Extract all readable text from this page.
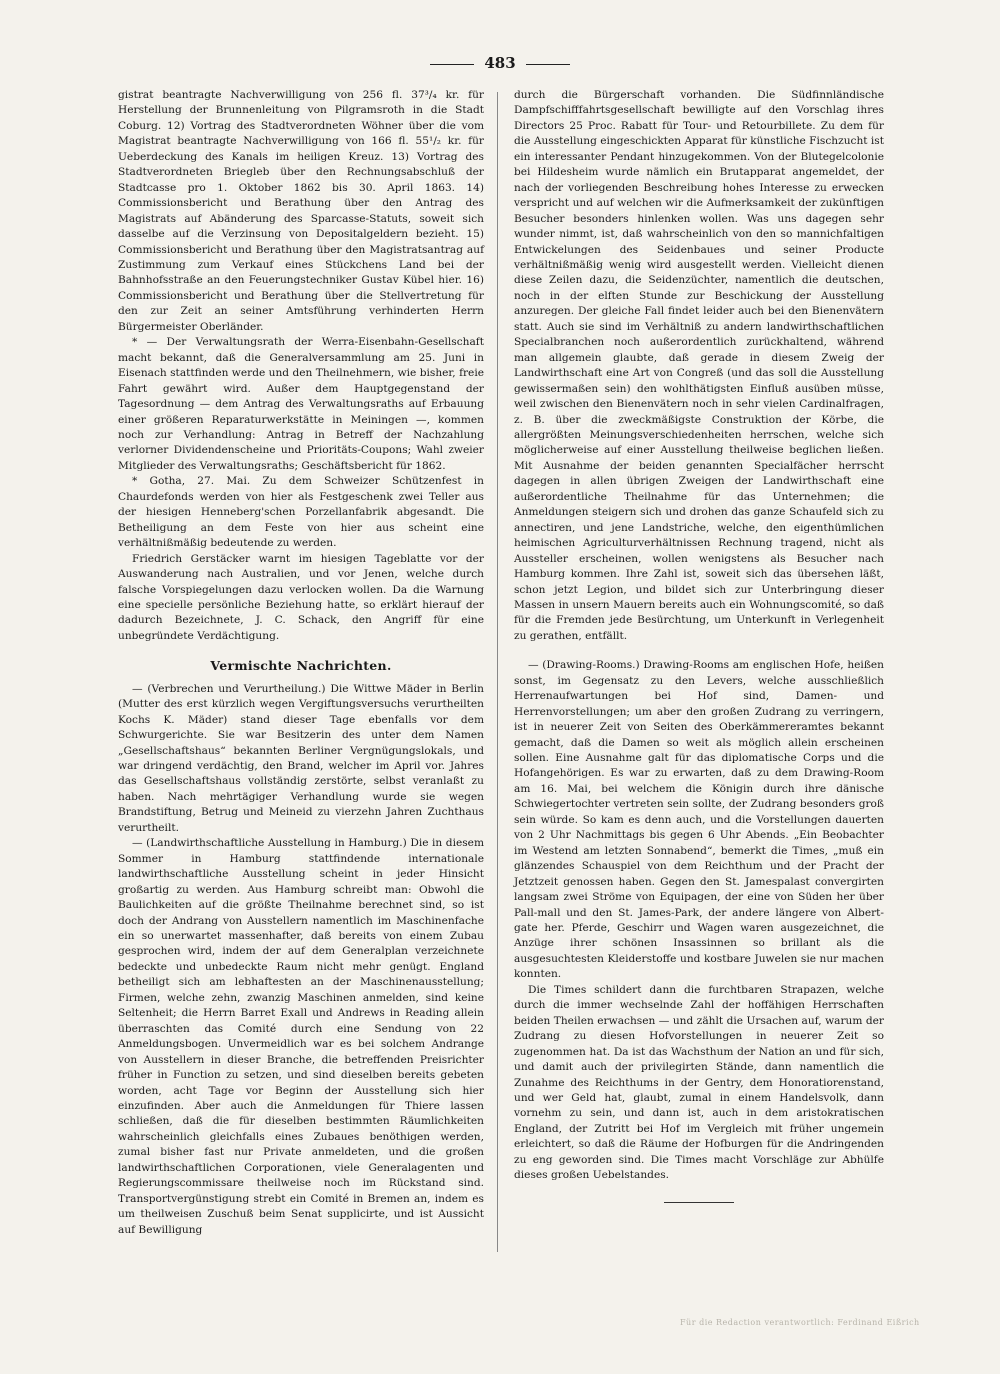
483

gistrat beantragte Nachverwilligung von 256 fl. 37³/₄ kr. für Herstellung der Brunnenleitung von Pilgramsroth in die Stadt Coburg. 12) Vortrag des Stadtverordneten Wöhner über die vom Magistrat beantragte Nachverwilligung von 166 fl. 55¹/₂ kr. für Ueberdeckung des Kanals im heiligen Kreuz. 13) Vortrag des Stadtverordneten Briegleb über den Rechnungsabschluß der Stadtcasse pro 1. Oktober 1862 bis 30. April 1863. 14) Commissionsbericht und Berathung über den Antrag des Magistrats auf Abänderung des Sparcasse-Statuts, soweit sich dasselbe auf die Verzinsung von Depositalgeldern bezieht. 15) Commissionsbericht und Berathung über den Magistratsantrag auf Zustimmung zum Verkauf eines Stückchens Land bei der Bahnhofsstraße an den Feuerungstechniker Gustav Kübel hier. 16) Commissionsbericht und Berathung über die Stellvertretung für den zur Zeit an seiner Amtsführung verhinderten Herrn Bürgermeister Oberländer.

* — Der Verwaltungsrath der Werra-Eisenbahn-Gesellschaft macht bekannt, daß die Generalversammlung am 25. Juni in Eisenach stattfinden werde und den Theilnehmern, wie bisher, freie Fahrt gewährt wird. Außer dem Hauptgegenstand der Tagesordnung — dem Antrag des Verwaltungsraths auf Erbauung einer größeren Reparaturwerkstätte in Meiningen —, kommen noch zur Verhandlung: Antrag in Betreff der Nachzahlung verlorner Dividendenscheine und Prioritäts-Coupons; Wahl zweier Mitglieder des Verwaltungsraths; Geschäftsbericht für 1862.

* Gotha, 27. Mai. Zu dem Schweizer Schützenfest in Chaurdefonds werden von hier als Festgeschenk zwei Teller aus der hiesigen Henneberg'schen Porzellanfabrik abgesandt. Die Betheiligung an dem Feste von hier aus scheint eine verhältnißmäßig bedeutende zu werden.

Friedrich Gerstäcker warnt im hiesigen Tageblatte vor der Auswanderung nach Australien, und vor Jenen, welche durch falsche Vorspiegelungen dazu verlocken wollen. Da die Warnung eine specielle persönliche Beziehung hatte, so erklärt hierauf der dadurch Bezeichnete, J. C. Schack, den Angriff für eine unbegründete Verdächtigung.

Vermischte Nachrichten.

— (Verbrechen und Verurtheilung.) Die Wittwe Mäder in Berlin (Mutter des erst kürzlich wegen Vergiftungsversuchs verurtheilten Kochs K. Mäder) stand dieser Tage ebenfalls vor dem Schwurgerichte. Sie war Besitzerin des unter dem Namen „Gesellschaftshaus“ bekannten Berliner Vergnügungslokals, und war dringend verdächtig, den Brand, welcher im April vor. Jahres das Gesellschaftshaus vollständig zerstörte, selbst veranlaßt zu haben. Nach mehrtägiger Verhandlung wurde sie wegen Brandstiftung, Betrug und Meineid zu vierzehn Jahren Zuchthaus verurtheilt.

— (Landwirthschaftliche Ausstellung in Hamburg.) Die in diesem Sommer in Hamburg stattfindende internationale landwirthschaftliche Ausstellung scheint in jeder Hinsicht großartig zu werden. Aus Hamburg schreibt man: Obwohl die Baulichkeiten auf die größte Theilnahme berechnet sind, so ist doch der Andrang von Ausstellern namentlich im Maschinenfache ein so unerwartet massenhafter, daß bereits von einem Zubau gesprochen wird, indem der auf dem Generalplan verzeichnete bedeckte und unbedeckte Raum nicht mehr genügt. England betheiligt sich am lebhaftesten an der Maschinenausstellung; Firmen, welche zehn, zwanzig Maschinen anmelden, sind keine Seltenheit; die Herrn Barret Exall und Andrews in Reading allein überraschten das Comité durch eine Sendung von 22 Anmeldungsbogen. Unvermeidlich war es bei solchem Andrange von Ausstellern in dieser Branche, die betreffenden Preisrichter früher in Function zu setzen, und sind dieselben bereits gebeten worden, acht Tage vor Beginn der Ausstellung sich hier einzufinden. Aber auch die Anmeldungen für Thiere lassen schließen, daß die für dieselben bestimmten Räumlichkeiten wahrscheinlich gleichfalls eines Zubaues benöthigen werden, zumal bisher fast nur Private anmeldeten, und die großen landwirthschaftlichen Corporationen, viele Generalagenten und Regierungscommissare theilweise noch im Rückstand sind. Transportvergünstigung strebt ein Comité in Bremen an, indem es um theilweisen Zuschuß beim Senat supplicirte, und ist Aussicht auf Bewilligung

durch die Bürgerschaft vorhanden. Die Südfinnländische Dampfschifffahrtsgesellschaft bewilligte auf den Vorschlag ihres Directors 25 Proc. Rabatt für Tour- und Retourbillete. Zu dem für die Ausstellung eingeschickten Apparat für künstliche Fischzucht ist ein interessanter Pendant hinzugekommen. Von der Blutegelcolonie bei Hildesheim wurde nämlich ein Brutapparat angemeldet, der nach der vorliegenden Beschreibung hohes Interesse zu erwecken verspricht und auf welchen wir die Aufmerksamkeit der zukünftigen Besucher besonders hinlenken wollen. Was uns dagegen sehr wunder nimmt, ist, daß wahrscheinlich von den so mannichfaltigen Entwickelungen des Seidenbaues und seiner Producte verhältnißmäßig wenig wird ausgestellt werden. Vielleicht dienen diese Zeilen dazu, die Seidenzüchter, namentlich die deutschen, noch in der elften Stunde zur Beschickung der Ausstellung anzuregen. Der gleiche Fall findet leider auch bei den Bienenvätern statt. Auch sie sind im Verhältniß zu andern landwirthschaftlichen Specialbranchen noch außerordentlich zurückhaltend, während man allgemein glaubte, daß gerade in diesem Zweig der Landwirthschaft eine Art von Congreß (und das soll die Ausstellung gewissermaßen sein) den wohlthätigsten Einfluß ausüben müsse, weil zwischen den Bienenvätern noch in sehr vielen Cardinalfragen, z. B. über die zweckmäßigste Construktion der Körbe, die allergrößten Meinungsverschiedenheiten herrschen, welche sich möglicherweise auf einer Ausstellung theilweise beglichen ließen. Mit Ausnahme der beiden genannten Specialfächer herrscht dagegen in allen übrigen Zweigen der Landwirthschaft eine außerordentliche Theilnahme für das Unternehmen; die Anmeldungen steigern sich und drohen das ganze Schaufeld sich zu annectiren, und jene Landstriche, welche, den eigenthümlichen heimischen Agriculturverhältnissen Rechnung tragend, nicht als Aussteller erscheinen, wollen wenigstens als Besucher nach Hamburg kommen. Ihre Zahl ist, soweit sich das übersehen läßt, schon jetzt Legion, und bildet sich zur Unterbringung dieser Massen in unsern Mauern bereits auch ein Wohnungscomité, so daß für die Fremden jede Besürchtung, um Unterkunft in Verlegenheit zu gerathen, entfällt.

— (Drawing-Rooms.) Drawing-Rooms am englischen Hofe, heißen sonst, im Gegensatz zu den Levers, welche ausschließlich Herrenaufwartungen bei Hof sind, Damen- und Herrenvorstellungen; um aber den großen Zudrang zu verringern, ist in neuerer Zeit von Seiten des Oberkämmereramtes bekannt gemacht, daß die Damen so weit als möglich allein erscheinen sollen. Eine Ausnahme galt für das diplomatische Corps und die Hofangehörigen. Es war zu erwarten, daß zu dem Drawing-Room am 16. Mai, bei welchem die Königin durch ihre dänische Schwiegertochter vertreten sein sollte, der Zudrang besonders groß sein würde. So kam es denn auch, und die Vorstellungen dauerten von 2 Uhr Nachmittags bis gegen 6 Uhr Abends. „Ein Beobachter im Westend am letzten Sonnabend“, bemerkt die Times, „muß ein glänzendes Schauspiel von dem Reichthum und der Pracht der Jetztzeit genossen haben. Gegen den St. Jamespalast convergirten langsam zwei Ströme von Equipagen, der eine von Süden her über Pall-mall und den St. James-Park, der andere längere von Albert-gate her. Pferde, Geschirr und Wagen waren ausgezeichnet, die Anzüge ihrer schönen Insassinnen so brillant als die ausgesuchtesten Kleiderstoffe und kostbare Juwelen sie nur machen konnten.

Die Times schildert dann die furchtbaren Strapazen, welche durch die immer wechselnde Zahl der hoffähigen Herrschaften beiden Theilen erwachsen — und zählt die Ursachen auf, warum der Zudrang zu diesen Hofvorstellungen in neuerer Zeit so zugenommen hat. Da ist das Wachsthum der Nation an und für sich, und damit auch der privilegirten Stände, dann namentlich die Zunahme des Reichthums in der Gentry, dem Honoratiorenstand, und wer Geld hat, glaubt, zumal in einem Handelsvolk, dann vornehm zu sein, und dann ist, auch in dem aristokratischen England, der Zutritt bei Hof im Vergleich mit früher ungemein erleichtert, so daß die Räume der Hofburgen für die Andringenden zu eng geworden sind. Die Times macht Vorschläge zur Abhülfe dieses großen Uebelstandes.

Für die Redaction verantwortlich: Ferdinand Eißrich
